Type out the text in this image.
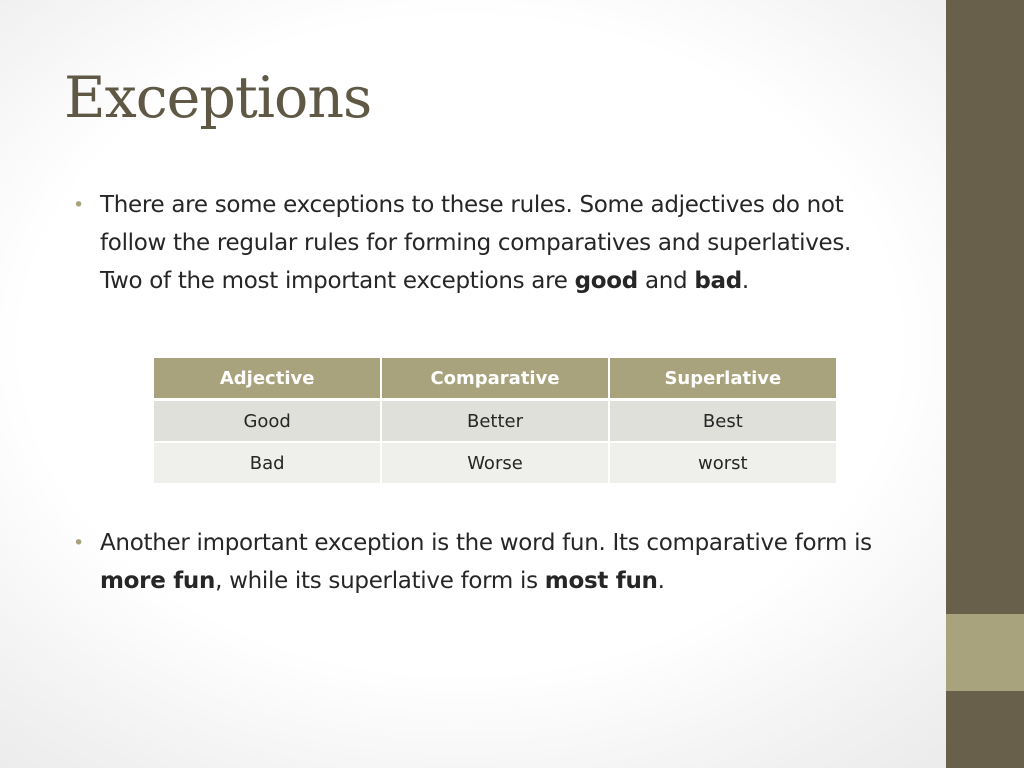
Exceptions
• There are some exceptions to these rules. Some adjectives do not follow the regular rules for forming comparatives and superlatives. Two of the most important exceptions are good and bad.
Adjective	Comparative	Superlative
Good	Better	Best
Bad	Worse	worst
• Another important exception is the word fun. Its comparative form is more fun, while its superlative form is most fun.
